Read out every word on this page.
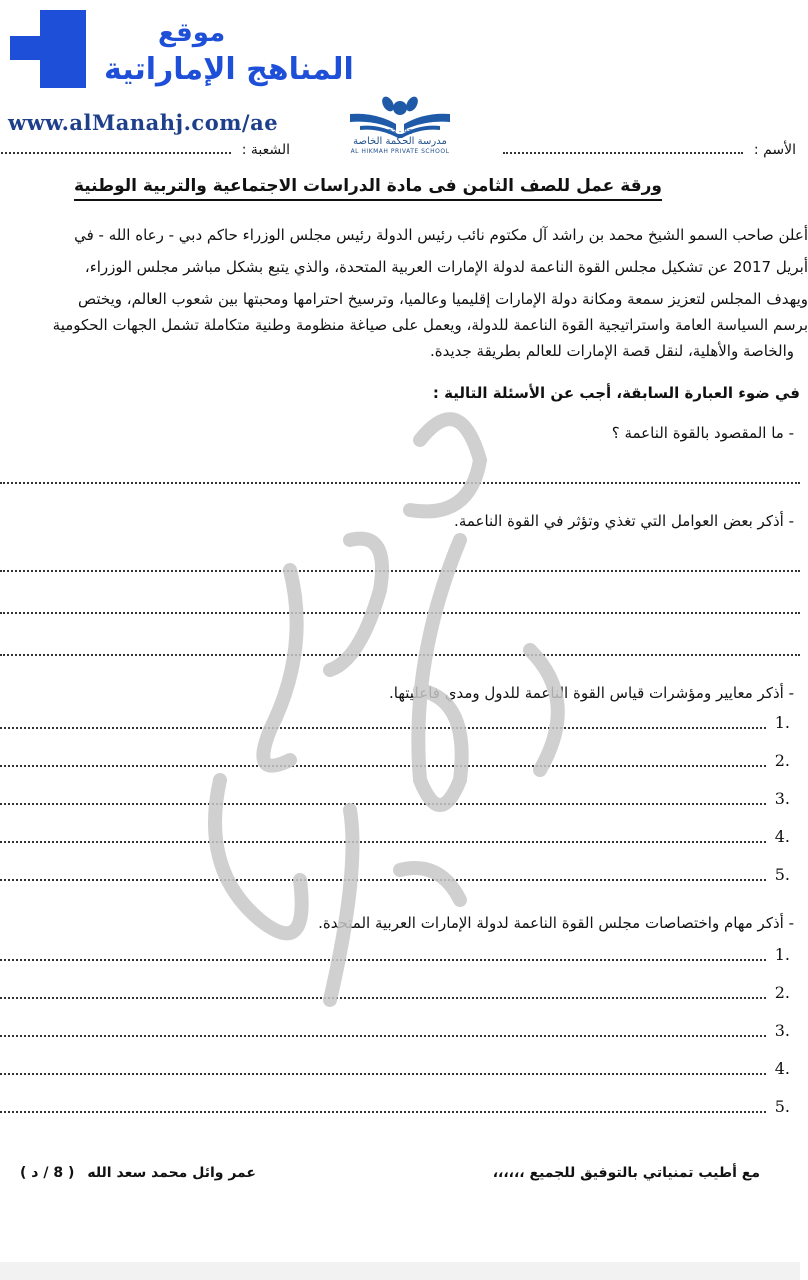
موقع
المناهج الإماراتية
www.alManahj.com/ae	93 - 92
مدرسة الحكمة الخاصة
AL HIKMAH PRIVATE SCHOOL	الأسم :
الشعبة :
ورقة عمل للصف الثامن فى مادة الدراسات الاجتماعية والتربية الوطنية
أعلن صاحب السمو الشيخ محمد بن راشد آل مكتوم نائب رئيس الدولة رئيس مجلس الوزراء حاكم دبي - رعاه الله - في
أبريل 2017 عن تشكيل مجلس القوة الناعمة لدولة الإمارات العربية المتحدة، والذي يتبع بشكل مباشر مجلس الوزراء،
ويهدف المجلس لتعزيز سمعة ومكانة دولة الإمارات إقليميا وعالميا، وترسيخ احترامها ومحبتها بين شعوب العالم، ويختص
برسم السياسة العامة واستراتيجية القوة الناعمة للدولة، ويعمل على صياغة منظومة وطنية متكاملة تشمل الجهات الحكومية
والخاصة والأهلية، لنقل قصة الإمارات للعالم بطريقة جديدة.
في ضوء العبارة السابقة، أجب عن الأسئلة التالية :
- ما المقصود بالقوة الناعمة ؟
- أذكر بعض العوامل التي تغذي وتؤثر في القوة الناعمة.
- أذكر معايير ومؤشرات قياس القوة الناعمة للدول ومدي فاعليتها.
1.
2.
3.
4.
5.
- أذكر مهام واختصاصات مجلس القوة الناعمة لدولة الإمارات العربية المتحدة.
1.
2.
3.
4.
5.
مع أطيب تمنياتي بالتوفيق للجميع ،،،،،،
عمر وائل محمد سعد الله
( 8 / د )
